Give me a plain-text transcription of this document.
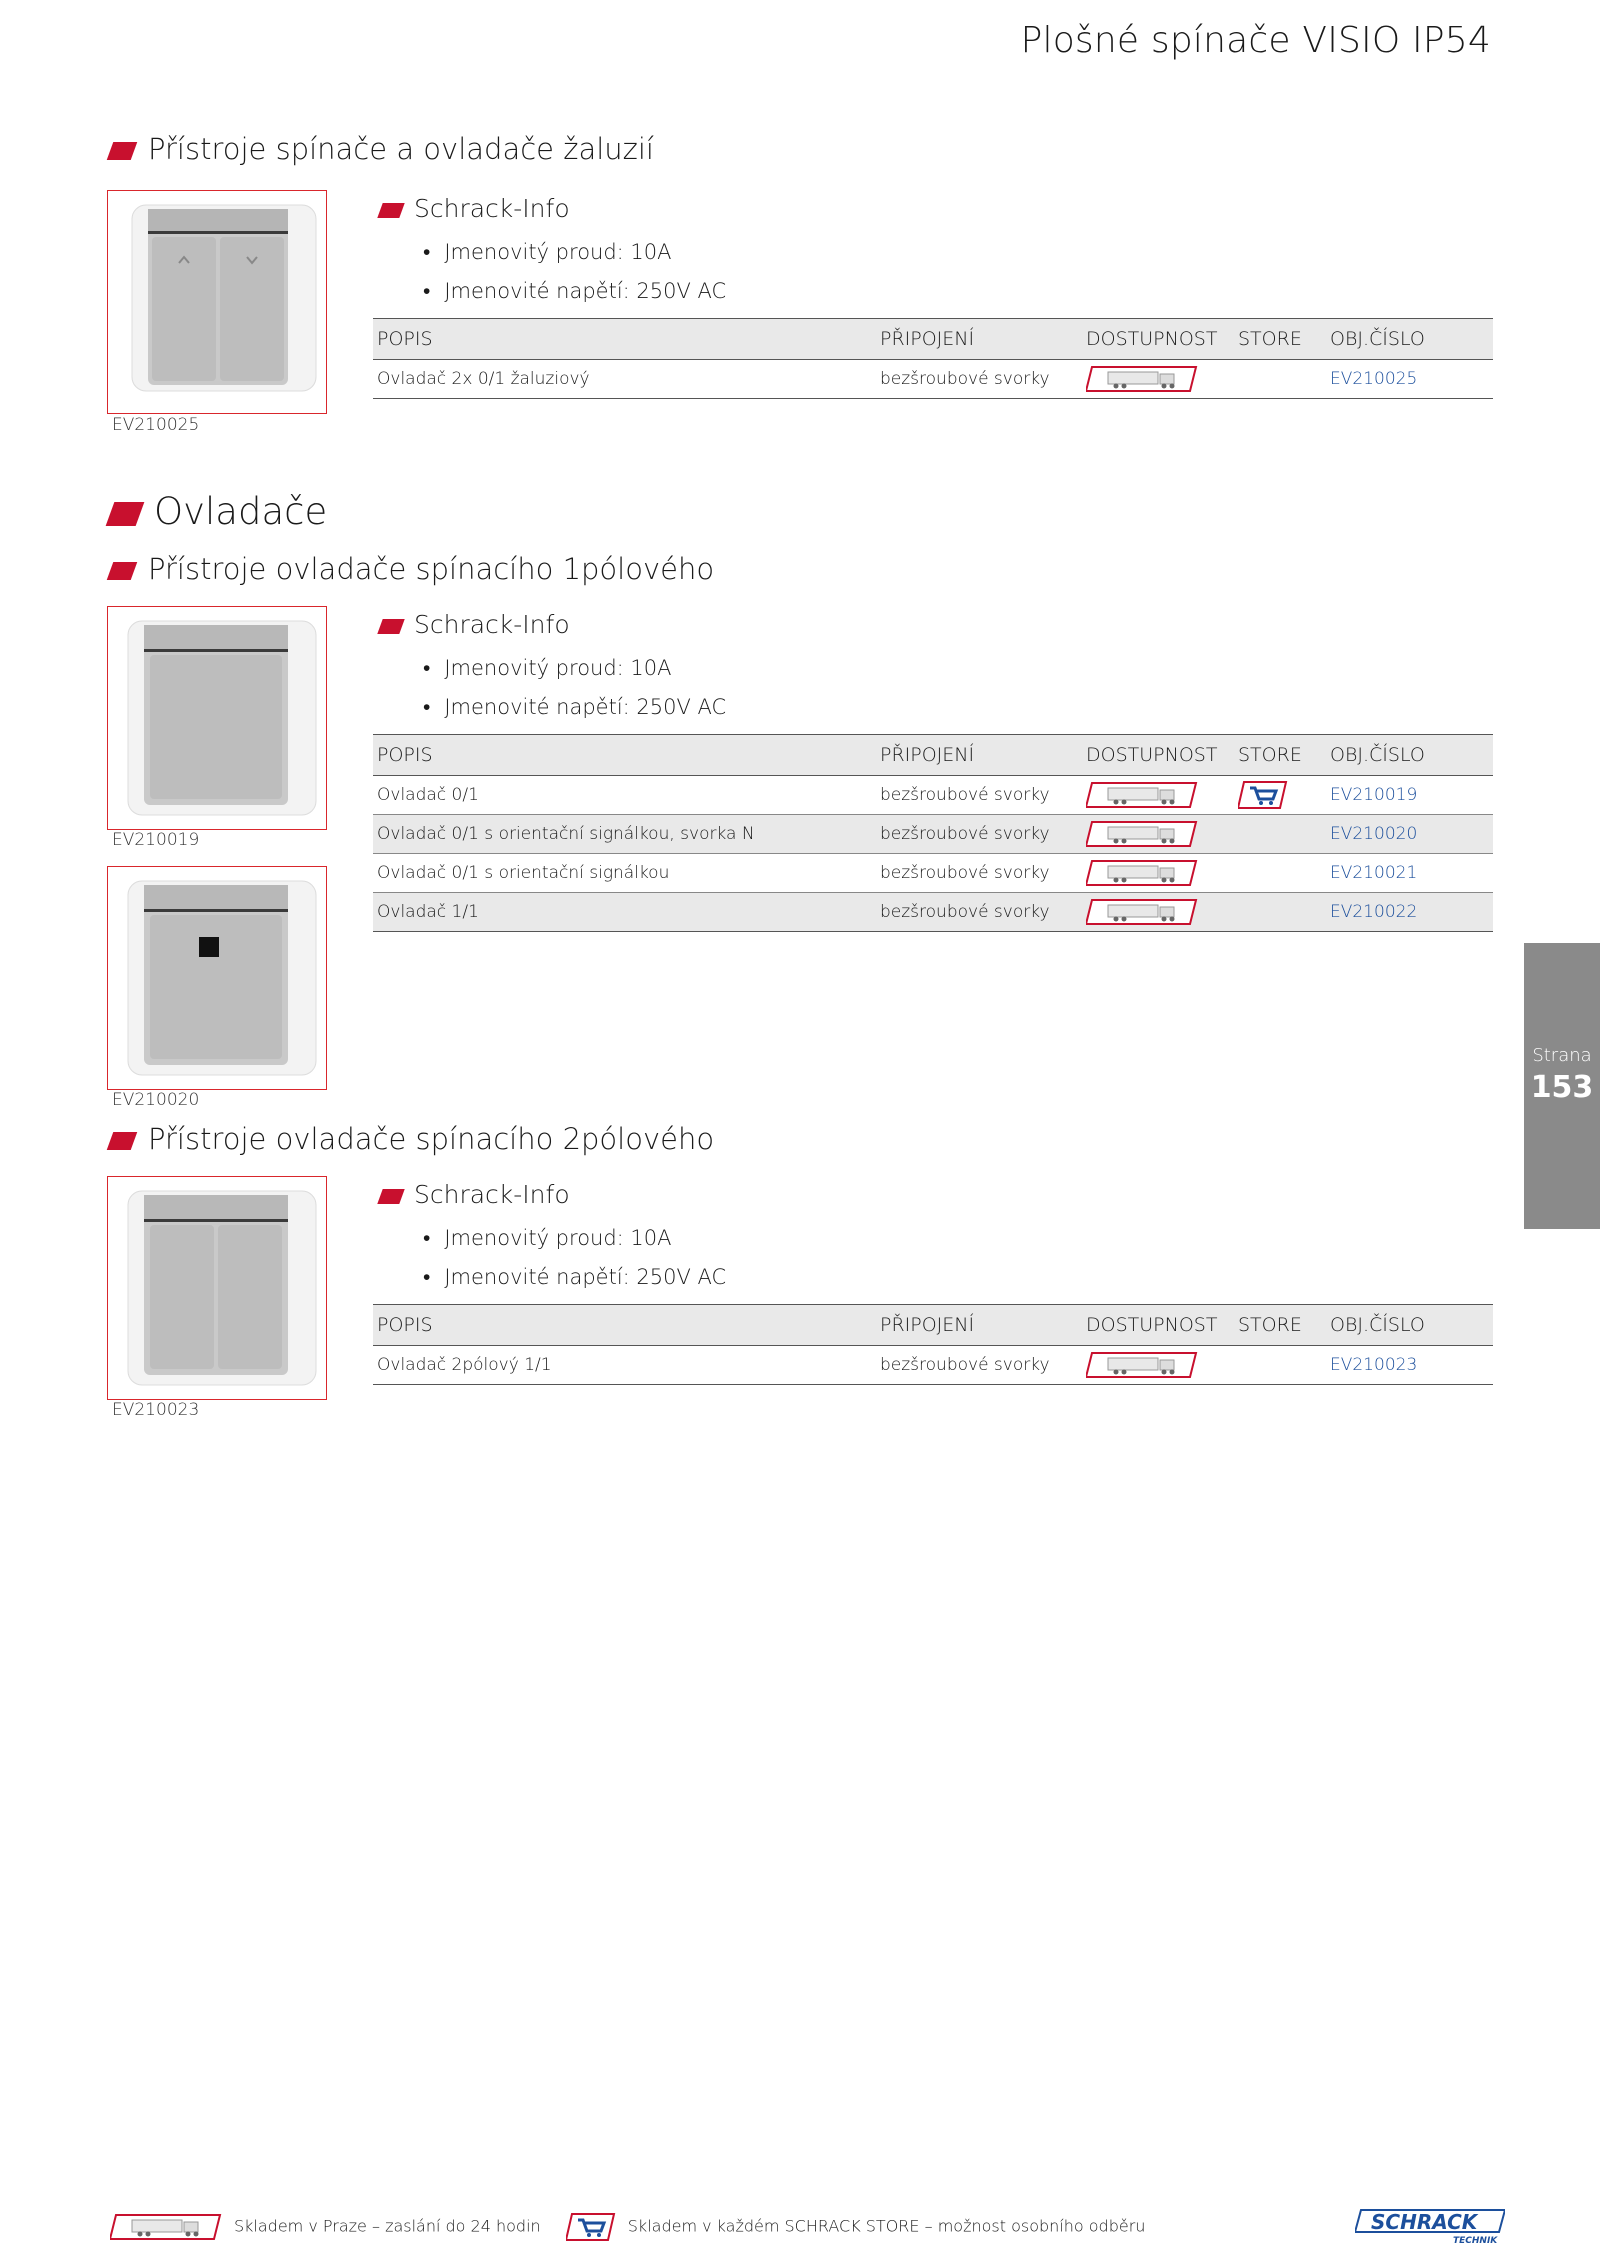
Plošné spínače VISIO IP54
Přístroje spínače a ovladače žaluzií
EV210025
Schrack-Info
• Jmenovitý proud: 10A
• Jmenovité napětí: 250V AC
POPIS	PŘIPOJENÍ	DOSTUPNOST	STORE	OBJ.ČÍSLO
Ovladač 2x 0/1 žaluziový	bezšroubové svorky			EV210025
Ovladače
Přístroje ovladače spínacího 1pólového
EV210019
EV210020
Schrack-Info
• Jmenovitý proud: 10A
• Jmenovité napětí: 250V AC
POPIS	PŘIPOJENÍ	DOSTUPNOST	STORE	OBJ.ČÍSLO
Ovladač 0/1	bezšroubové svorky			EV210019
Ovladač 0/1 s orientační signálkou, svorka N	bezšroubové svorky			EV210020
Ovladač 0/1 s orientační signálkou	bezšroubové svorky			EV210021
Ovladač 1/1	bezšroubové svorky			EV210022
Přístroje ovladače spínacího 2pólového
EV210023
Schrack-Info
• Jmenovitý proud: 10A
• Jmenovité napětí: 250V AC
POPIS	PŘIPOJENÍ	DOSTUPNOST	STORE	OBJ.ČÍSLO
Ovladač 2pólový 1/1	bezšroubové svorky			EV210023
Strana
153
Skladem v Praze – zaslání do 24 hodin	Skladem v každém SCHRACK STORE – možnost osobního odběru	SCHRACK
TECHNIK
